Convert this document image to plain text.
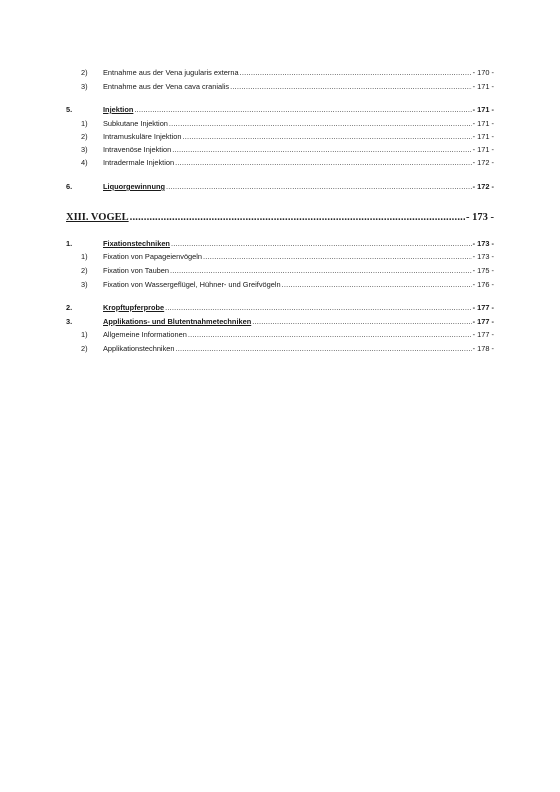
2)	Entnahme aus der Vena jugularis externa .....	- 170 -
3)	Entnahme aus der Vena cava cranialis .....	- 171 -
5.	Injektion .....	- 171 -
1)	Subkutane Injektion .....	- 171 -
2)	Intramuskuläre Injektion .....	- 171 -
3)	Intravenöse Injektion .....	- 171 -
4)	Intradermale Injektion .....	- 172 -
6.	Liquorgewinnung .....	- 172 -
XIII. VOGEL .....	- 173 -
1.	Fixationstechniken .....	- 173 -
1)	Fixation von Papageienvögeln .....	- 173 -
2)	Fixation von Tauben .....	- 175 -
3)	Fixation von Wassergeflügel, Hühner- und Greifvögeln .....	- 176 -
2.	Kropftupferprobe .....	- 177 -
3.	Applikations- und Blutentnahmetechniken .....	- 177 -
1)	Allgemeine Informationen .....	- 177 -
2)	Applikationstechniken .....	- 178 -
